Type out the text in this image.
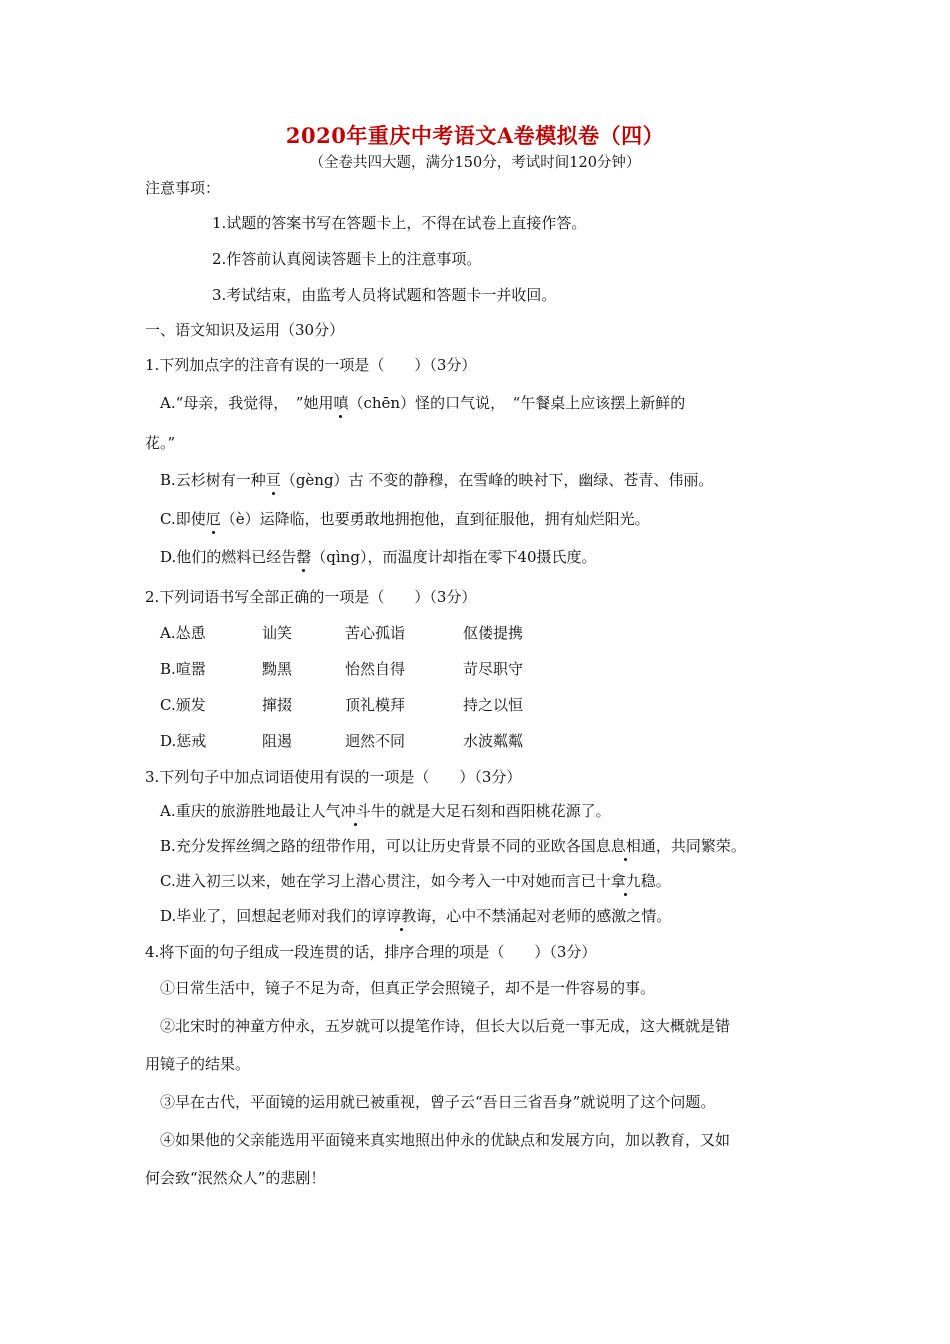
2020年重庆中考语文A卷模拟卷（四）
（全卷共四大题，满分150分，考试时间120分钟）
注意事项：
1.试题的答案书写在答题卡上，不得在试卷上直接作答。
2.作答前认真阅读答题卡上的注意事项。
3.考试结束，由监考人员将试题和答题卡一并收回。
一、语文知识及运用（30分）
1.下列加点字的注音有误的一项是（　　）（3分）
A.“母亲，我觉得，　”她用嗔（chēn）怪的口气说，　“午餐桌上应该摆上新鲜的
花。”
B.云杉树有一种亘（gèng）古 不变的静穆，在雪峰的映衬下，幽绿、苍青、伟丽。
C.即使厄（è）运降临，也要勇敢地拥抱他，直到征服他，拥有灿烂阳光。
D.他们的燃料已经告罄（qìng），而温度计却指在零下40摄氏度。
2.下列词语书写全部正确的一项是（　　）（3分）
A.怂恿	讪笑	苦心孤诣	伛偻提携
B.喧嚣	黝黑	怡然自得	苛尽职守
C.颁发	撺掇	顶礼模拜	持之以恒
D.惩戒	阻遏	迥然不同	水波粼粼
3.下列句子中加点词语使用有误的一项是（　　）（3分）
A.重庆的旅游胜地最让人气冲斗牛的就是大足石刻和酉阳桃花源了。
B.充分发挥丝绸之路的纽带作用，可以让历史背景不同的亚欧各国息息相通，共同繁荣。
C.进入初三以来，她在学习上潜心贯注，如今考入一中对她而言已十拿九稳。
D.毕业了，回想起老师对我们的谆谆教诲，心中不禁涌起对老师的感激之情。
4.将下面的句子组成一段连贯的话，排序合理的项是（　　）（3分）
①日常生活中，镜子不足为奇，但真正学会照镜子，却不是一件容易的事。
②北宋时的神童方仲永，五岁就可以提笔作诗，但长大以后竟一事无成，这大概就是错
用镜子的结果。
③早在古代，平面镜的运用就已被重视，曾子云“吾日三省吾身”就说明了这个问题。
④如果他的父亲能选用平面镜来真实地照出仲永的优缺点和发展方向，加以教育，又如
何会致“泯然众人”的悲剧！
